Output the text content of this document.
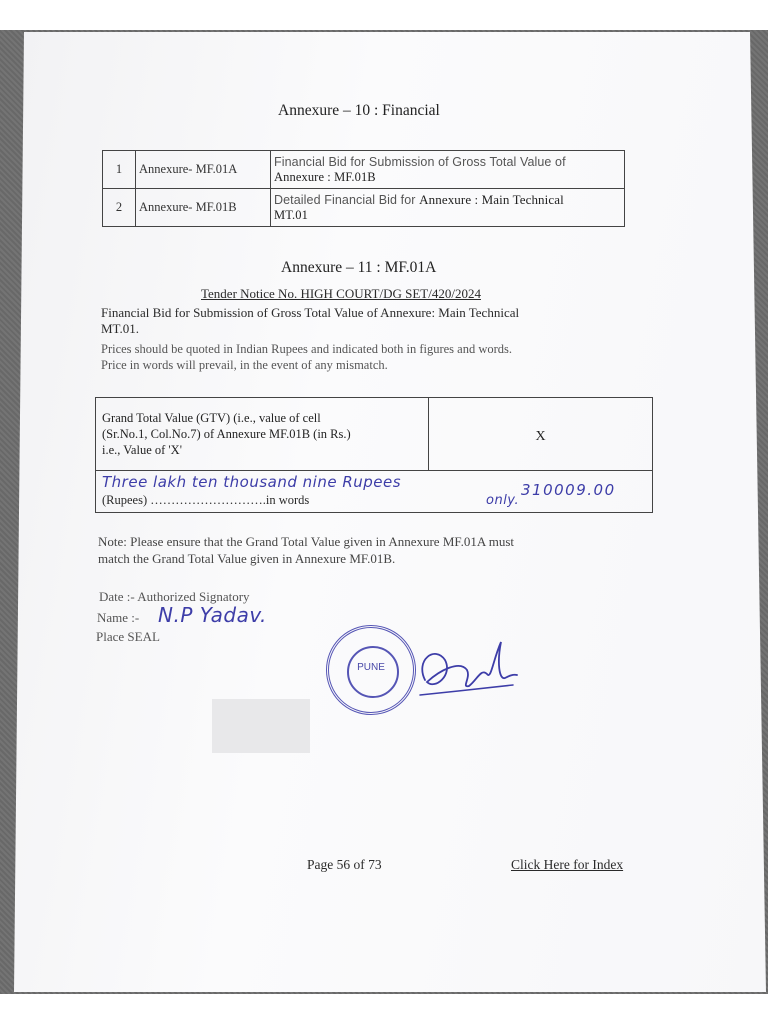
Annexure – 10 : Financial
1	Annexure- MF.01A	Financial Bid for Submission of Gross Total Value of
Annexure : MF.01B

2	Annexure- MF.01B	Detailed Financial Bid for Annexure : Main Technical
MT.01
Annexure – 11 : MF.01A
Tender Notice No. HIGH COURT/DG SET/420/2024
Financial Bid for Submission of Gross Total Value of Annexure: Main Technical
MT.01.
Prices should be quoted in Indian Rupees and indicated both in figures and words.
Price in words will prevail, in the event of any mismatch.
Grand Total Value (GTV) (i.e., value of cell
(Sr.No.1, Col.No.7) of Annexure MF.01B (in Rs.)
i.e., Value of 'X'
	X

Three lakh ten thousand nine Rupees
(Rupees) ……………………….in words	only.
310009.00
Note: Please ensure that the Grand Total Value given in Annexure MF.01A must
match the Grand Total Value given in Annexure MF.01B.
Date :- Authorized Signatory
Name :- N.P Yadav.
Place SEAL
PUNE
Page 56 of 73	Click Here for Index
